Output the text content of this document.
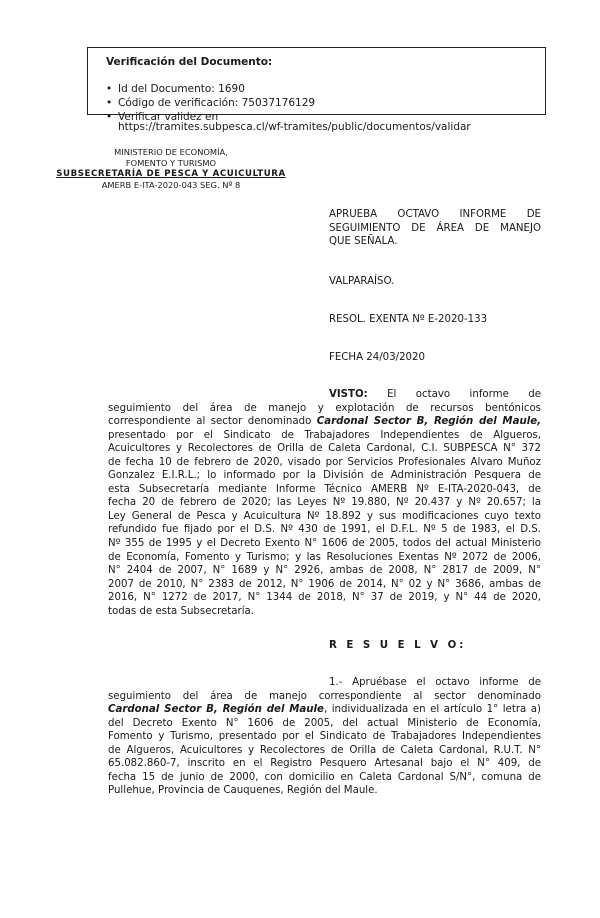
Verificación del Documento:
• Id del Documento: 1690
• Código de verificación: 75037176129
• Verificar validez en
https://tramites.subpesca.cl/wf-tramites/public/documentos/validar
MINISTERIO DE ECONOMÍA,
FOMENTO Y TURISMO
SUBSECRETARÍA DE PESCA Y ACUICULTURA
AMERB E-ITA-2020-043 SEG. Nº 8
APRUEBA OCTAVO INFORME DE
SEGUIMIENTO DE ÁREA DE MANEJO
QUE SEÑALA.
VALPARAÍSO.
RESOL. EXENTA Nº E-2020-133
FECHA 24/03/2020
VISTO: El octavo informe de
seguimiento del área de manejo y explotación de recursos bentónicos
correspondiente al sector denominado Cardonal Sector B, Región del Maule,
presentado por el Sindicato de Trabajadores Independientes de Algueros,
Acuicultores y Recolectores de Orilla de Caleta Cardonal, C.I. SUBPESCA N° 372
de fecha 10 de febrero de 2020, visado por Servicios Profesionales Alvaro Muñoz
Gonzalez E.I.R.L.; lo informado por la División de Administración Pesquera de
esta Subsecretaría mediante Informe Técnico AMERB Nº E-ITA-2020-043, de
fecha 20 de febrero de 2020; las Leyes Nº 19.880, Nº 20.437 y Nº 20.657; la
Ley General de Pesca y Acuicultura Nº 18.892 y sus modificaciones cuyo texto
refundido fue fijado por el D.S. Nº 430 de 1991, el D.F.L. Nº 5 de 1983, el D.S.
Nº 355 de 1995 y el Decreto Exento N° 1606 de 2005, todos del actual Ministerio
de Economía, Fomento y Turismo; y las Resoluciones Exentas Nº 2072 de 2006,
N° 2404 de 2007, N° 1689 y N° 2926, ambas de 2008, N° 2817 de 2009, N°
2007 de 2010, N° 2383 de 2012, N° 1906 de 2014, N° 02 y N° 3686, ambas de
2016, N° 1272 de 2017, N° 1344 de 2018, N° 37 de 2019, y N° 44 de 2020,
todas de esta Subsecretaría.
R E S U E L V O:
1.- Apruébase el octavo informe de
seguimiento del área de manejo correspondiente al sector denominado
Cardonal Sector B, Región del Maule, individualizada en el artículo 1° letra a)
del Decreto Exento N° 1606 de 2005, del actual Ministerio de Economía,
Fomento y Turismo, presentado por el Sindicato de Trabajadores Independientes
de Algueros, Acuicultores y Recolectores de Orilla de Caleta Cardonal, R.U.T. N°
65.082.860-7, inscrito en el Registro Pesquero Artesanal bajo el N° 409, de
fecha 15 de junio de 2000, con domicilio en Caleta Cardonal S/N°, comuna de
Pullehue, Provincia de Cauquenes, Región del Maule.
